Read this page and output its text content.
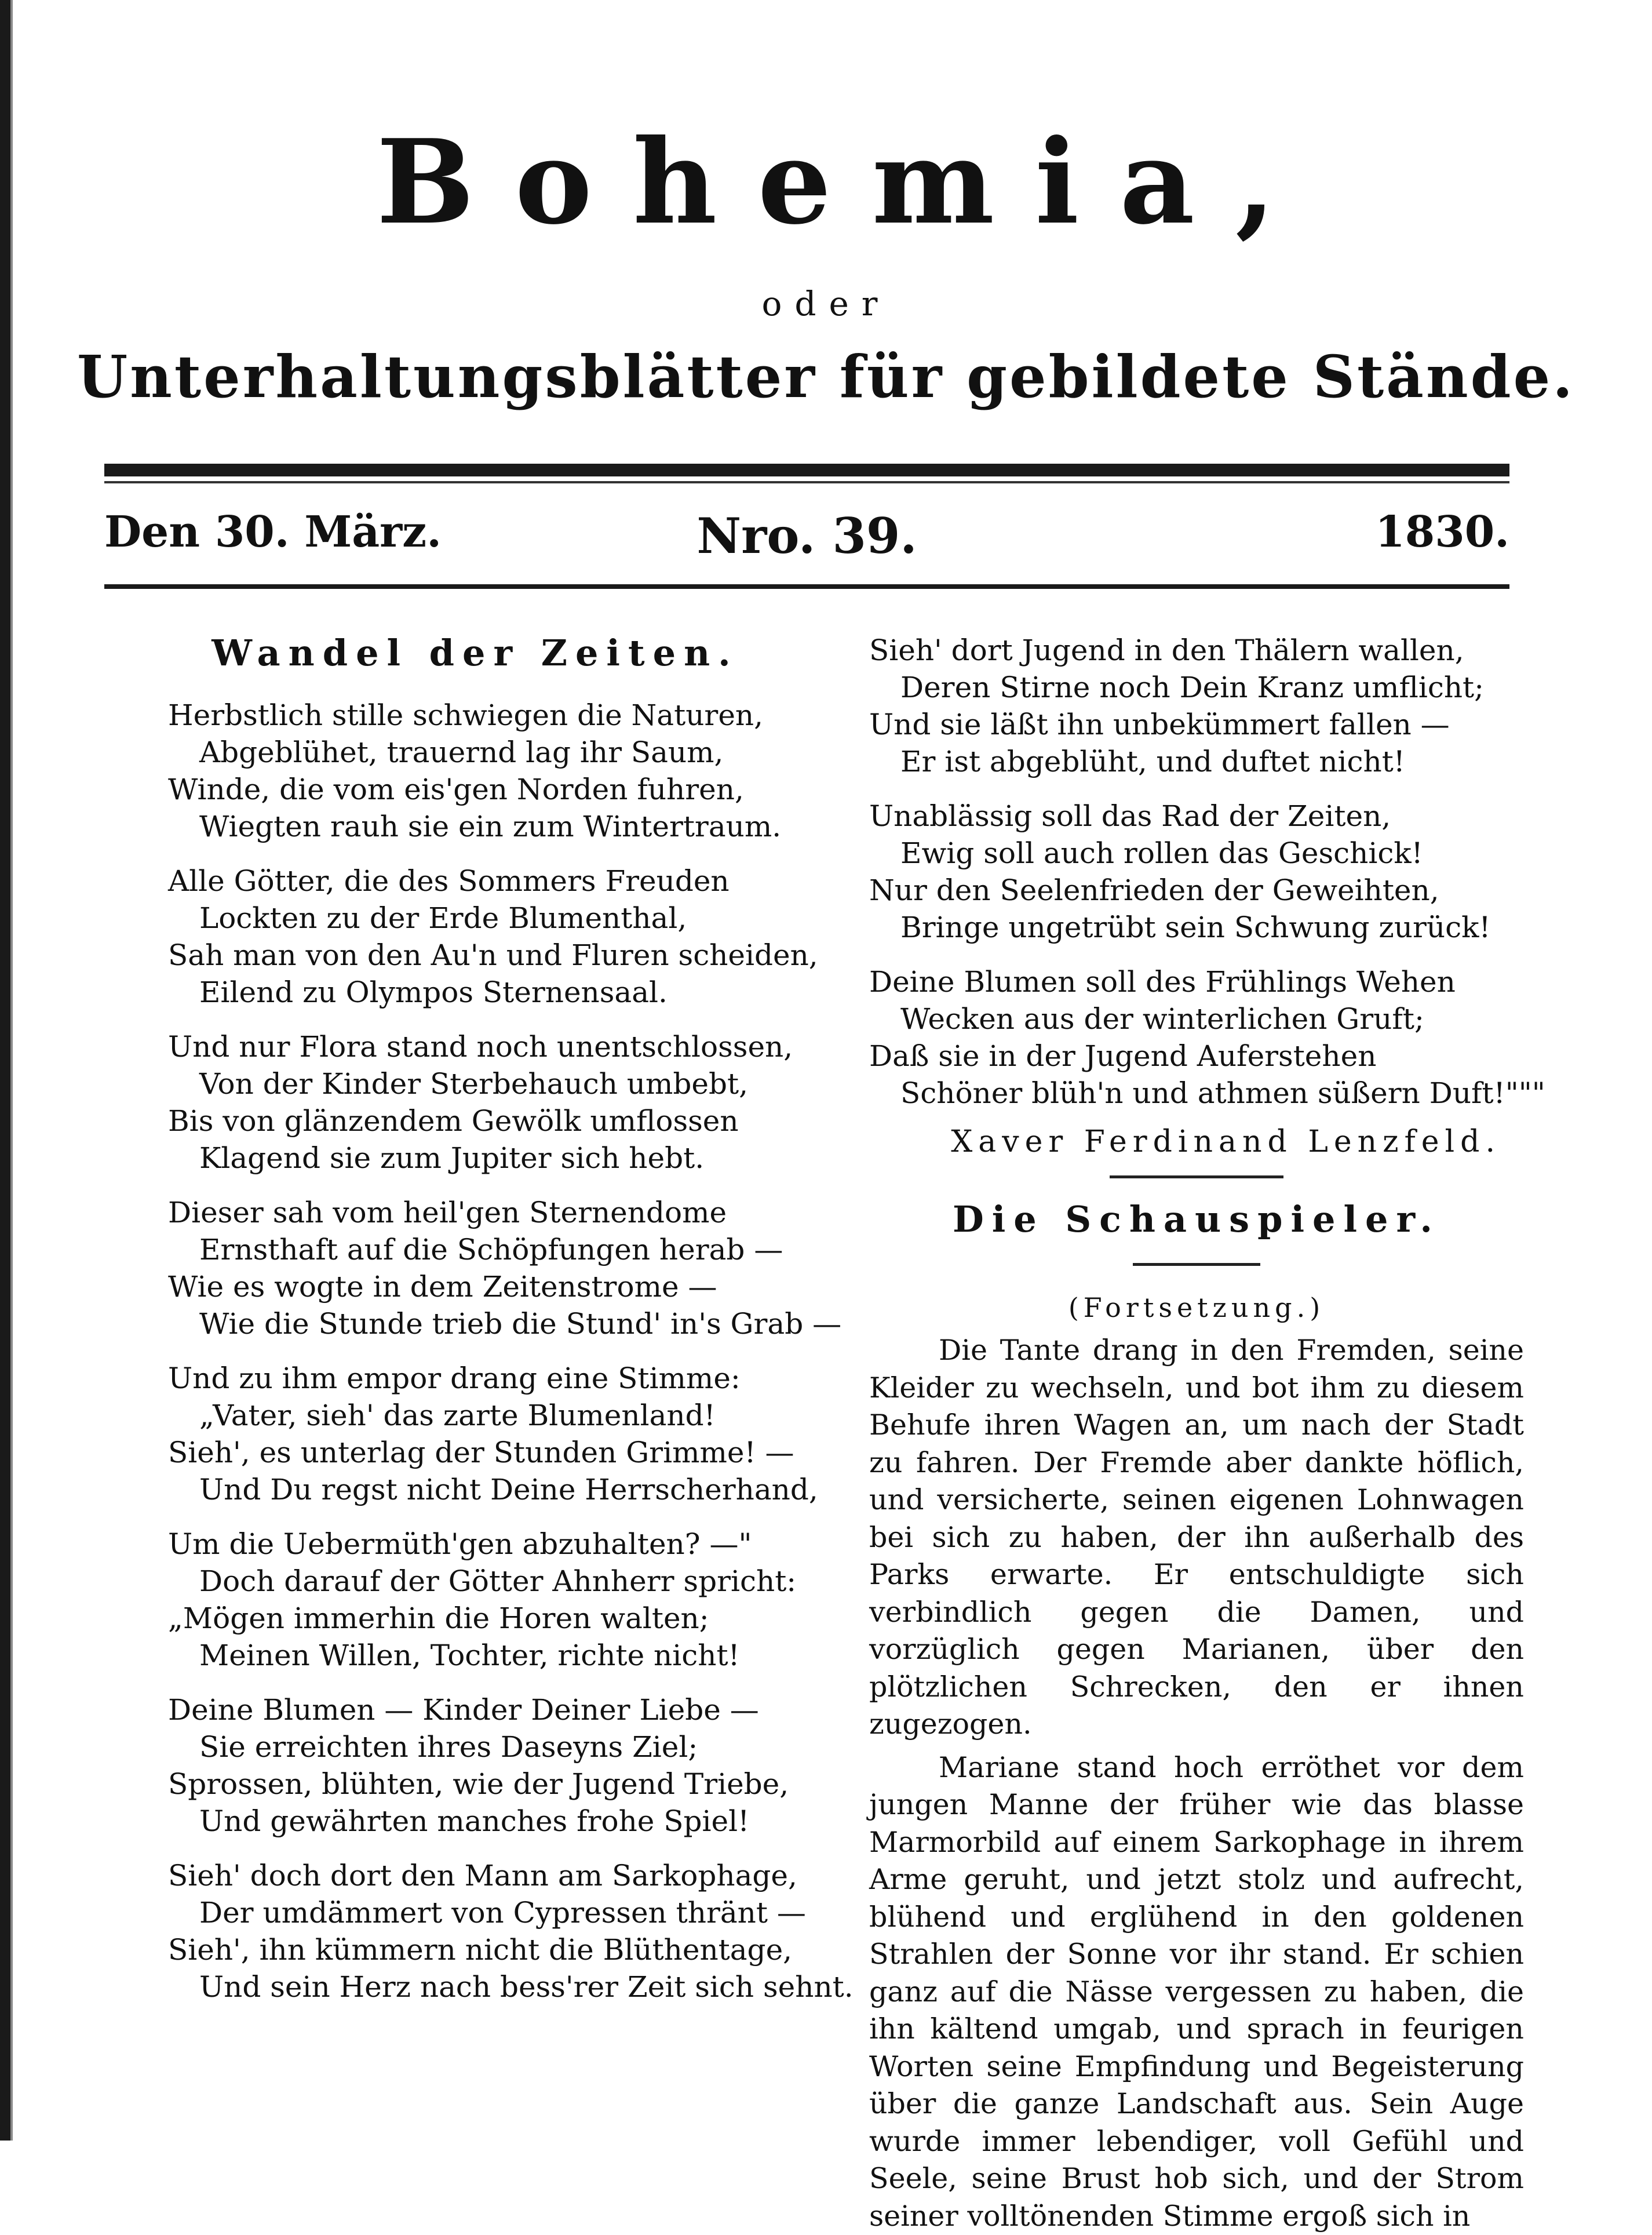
Bohemia,
oder
Unterhaltungsblätter für gebildete Stände.
Den 30. März.	Nro. 39.	1830.
Wandel der Zeiten.
Herbstlich stille schwiegen die Naturen,
Abgeblühet, trauernd lag ihr Saum,
Winde, die vom eis'gen Norden fuhren,
Wiegten rauh sie ein zum Wintertraum.
Alle Götter, die des Sommers Freuden
Lockten zu der Erde Blumenthal,
Sah man von den Au'n und Fluren scheiden,
Eilend zu Olympos Sternensaal.
Und nur Flora stand noch unentschlossen,
Von der Kinder Sterbehauch umbebt,
Bis von glänzendem Gewölk umflossen
Klagend sie zum Jupiter sich hebt.
Dieser sah vom heil'gen Sternendome
Ernsthaft auf die Schöpfungen herab —
Wie es wogte in dem Zeitenstrome —
Wie die Stunde trieb die Stund' in's Grab —
Und zu ihm empor drang eine Stimme:
„Vater, sieh' das zarte Blumenland!
Sieh', es unterlag der Stunden Grimme! —
Und Du regst nicht Deine Herrscherhand,
Um die Uebermüth'gen abzuhalten? —"
Doch darauf der Götter Ahnherr spricht:
„Mögen immerhin die Horen walten;
Meinen Willen, Tochter, richte nicht!
Deine Blumen — Kinder Deiner Liebe —
Sie erreichten ihres Daseyns Ziel;
Sprossen, blühten, wie der Jugend Triebe,
Und gewährten manches frohe Spiel!
Sieh' doch dort den Mann am Sarkophage,
Der umdämmert von Cypressen thränt —
Sieh', ihn kümmern nicht die Blüthentage,
Und sein Herz nach bess'rer Zeit sich sehnt.
Sieh' dort Jugend in den Thälern wallen,
Deren Stirne noch Dein Kranz umflicht;
Und sie läßt ihn unbekümmert fallen —
Er ist abgeblüht, und duftet nicht!
Unablässig soll das Rad der Zeiten,
Ewig soll auch rollen das Geschick!
Nur den Seelenfrieden der Geweihten,
Bringe ungetrübt sein Schwung zurück!
Deine Blumen soll des Frühlings Wehen
Wecken aus der winterlichen Gruft;
Daß sie in der Jugend Auferstehen
Schöner blüh'n und athmen süßern Duft!"""
Xaver Ferdinand Lenzfeld.
Die Schauspieler.
(Fortsetzung.)
Die Tante drang in den Fremden, seine Kleider zu wechseln, und bot ihm zu diesem Behufe ihren Wagen an, um nach der Stadt zu fahren. Der Fremde aber dankte höflich, und versicherte, seinen eigenen Lohnwagen bei sich zu haben, der ihn außerhalb des Parks erwarte. Er entschuldigte sich verbindlich gegen die Damen, und vorzüglich gegen Marianen, über den plötzlichen Schrecken, den er ihnen zugezogen.
Mariane stand hoch erröthet vor dem jungen Manne der früher wie das blasse Marmorbild auf einem Sarkophage in ihrem Arme geruht, und jetzt stolz und aufrecht, blühend und erglühend in den goldenen Strahlen der Sonne vor ihr stand. Er schien ganz auf die Nässe vergessen zu haben, die ihn kältend umgab, und sprach in feurigen Worten seine Empfindung und Begeisterung über die ganze Landschaft aus. Sein Auge wurde immer lebendiger, voll Gefühl und Seele, seine Brust hob sich, und der Strom seiner volltönenden Stimme ergoß sich in
